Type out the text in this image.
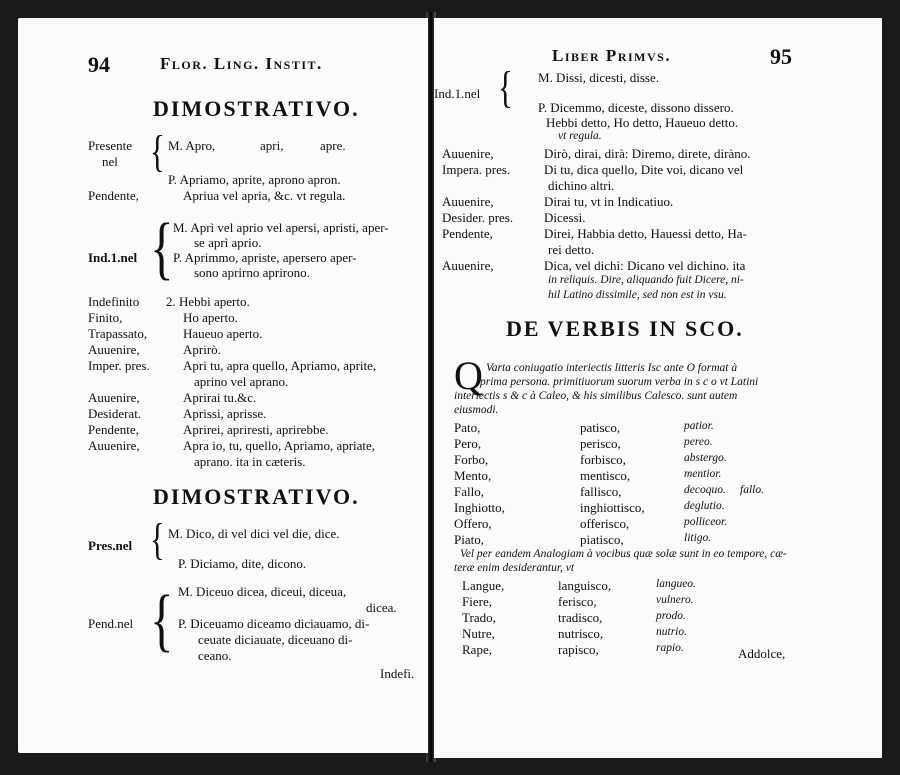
94	Flor. Ling. Instit.
DIMOSTRATIVO.
Presente
nel { M. Apro,	apri,	apre.
P. Apriamo, aprite, aprono apron.
Pendente,	Apriua vel apria, &c. vt regula.
Ind.1.nel { M. Aprì vel aprio vel apersi, apristi, aper-
se aprì aprio.
P. Aprimmo, apriste, apersero aper-
sono aprirno aprirono.
Indefinito 2. Hebbi aperto.
Finito,	Ho aperto.
Trapassato,	Haueuo aperto.
Auuenire,	Aprirò.
Imper. pres.	Apri tu, apra quello, Apriamo, aprite,
aprino vel aprano.
Auuenire,	Aprirai tu.&c.
Desiderat.	Aprissi, aprisse.
Pendente,	Aprirei, apriresti, aprirebbe.
Auuenire,	Apra io, tu, quello, Apriamo, apriate,
aprano. ita in cæteris.
DIMOSTRATIVO.
Pres.nel { M. Dico, di vel dici vel die, dice.
P. Diciamo, dite, dicono.
Pend.nel { M. Diceuo dicea, diceui, diceua,
dicea.
P. Diceuamo diceamo diciauamo, di-
ceuate diciauate, diceuano di-
ceano.
Indefi.
Liber Primvs.	95
Ind.1.nel { M. Dissi, dicesti, disse.
P. Dicemmo, diceste, dissono dissero.
Hebbi detto, Ho detto, Haueuo detto.
vt regula.
Auuenire,	Dirò, dirai, dirà: Diremo, direte, diràno.
Impera. pres.	Di tu, dica quello, Dite voi, dicano vel
dichino altri.
Auuenire,	Dirai tu, vt in Indicatiuo.
Desider. pres. Dicessi.
Pendente,	Direi, Habbia detto, Hauessi detto, Ha-
rei detto.
Auuenire,	Dica, vel dichi: Dicano vel dichino. ita
in reliquis. Dire, aliquando fuit Dicere, ni-
hil Latino dissimile, sed non est in vsu.
DE VERBIS IN SCO.
Q Varta coniugatio interiectis litteris Isc ante O format à
prima persona. primitiuorum suorum verba in s c o vt Latini
interiectis s & c à Caleo, & his similibus Calesco. sunt autem
eiusmodi.
Pato,	patisco,	patior.
Pero,	perisco,	pereo.
Forbo,	forbisco,	abstergo.
Mento,	mentisco,	mentior.
Fallo,	fallisco,	decoquo. fallo.
Inghiotto,	inghiottisco,	deglutio.
Offero,	offerisco,	polliceor.
Piato,	piatisco,	litigo.
Vel per eandem Analogiam à vocibus quæ solæ sunt in eo tempore, cæ-
teræ enim desiderantur, vt
Langue,	languisco,	langueo.
Fiere,	ferisco,	vulnero.
Trado,	tradisco,	prodo.
Nutre,	nutrisco,	nutrio.
Rape,	rapisco,	rapio.	Addolce,
